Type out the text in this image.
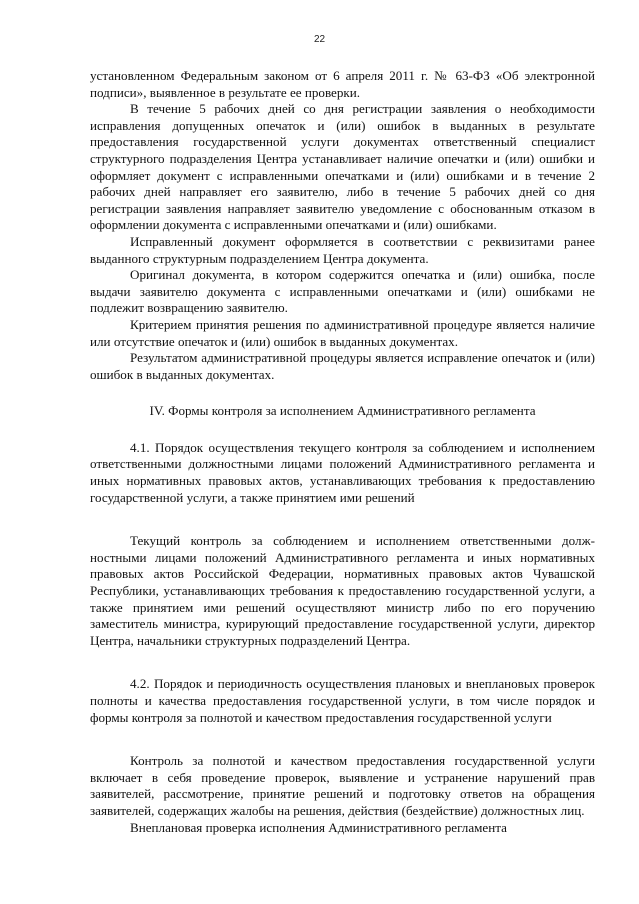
22

установленном Федеральным законом от 6 апреля 2011 г. № 63-ФЗ «Об электронной подписи», выявленное в результате ее проверки.

В течение 5 рабочих дней со дня регистрации заявления о необходимости исправления допущенных опечаток и (или) ошибок в выданных в результате предоставления государственной услуги документах ответственный специалист структурного подразделения Центра устанавливает наличие опечатки и (или) ошибки и оформляет документ с исправленными опечатками и (или) ошибками и в течение 2 рабочих дней направляет его заявителю, либо в течение 5 рабочих дней со дня регистрации заявления направляет заявителю уведомление с обоснованным отказом в оформлении документа с исправленными опечатками и (или) ошибками.

Исправленный документ оформляется в соответствии с реквизитами ранее выданного структурным подразделением Центра документа.

Оригинал документа, в котором содержится опечатка и (или) ошибка, после выдачи заявителю документа с исправленными опечатками и (или) ошибками не подлежит возвращению заявителю.

Критерием принятия решения по административной процедуре является наличие или отсутствие опечаток и (или) ошибок в выданных документах.

Результатом административной процедуры является исправление опечаток и (или) ошибок в выданных документах.

IV. Формы контроля за исполнением Административного регламента

4.1. Порядок осуществления текущего контроля за соблюдением и исполнением ответственными должностными лицами положений Административного регламента и иных нормативных правовых актов, устанавливающих требования к предоставлению государственной услуги, а также принятием ими решений

Текущий контроль за соблюдением и исполнением ответственными должностными лицами положений Административного регламента и иных нормативных правовых актов Российской Федерации, нормативных правовых актов Чувашской Республики, устанавливающих требования к предоставлению государственной услуги, а также принятием ими решений осуществляют министр либо по его поручению заместитель министра, курирующий предоставление государственной услуги, директор Центра, начальники структурных подразделений Центра.

4.2. Порядок и периодичность осуществления плановых и внеплановых проверок полноты и качества предоставления государственной услуги, в том числе порядок и формы контроля за полнотой и качеством предоставления государственной услуги

Контроль за полнотой и качеством предоставления государственной услуги включает в себя проведение проверок, выявление и устранение нарушений прав заявителей, рассмотрение, принятие решений и подготовку ответов на обращения заявителей, содержащих жалобы на решения, действия (бездействие) должностных лиц.

Внеплановая проверка исполнения Административного регламента
